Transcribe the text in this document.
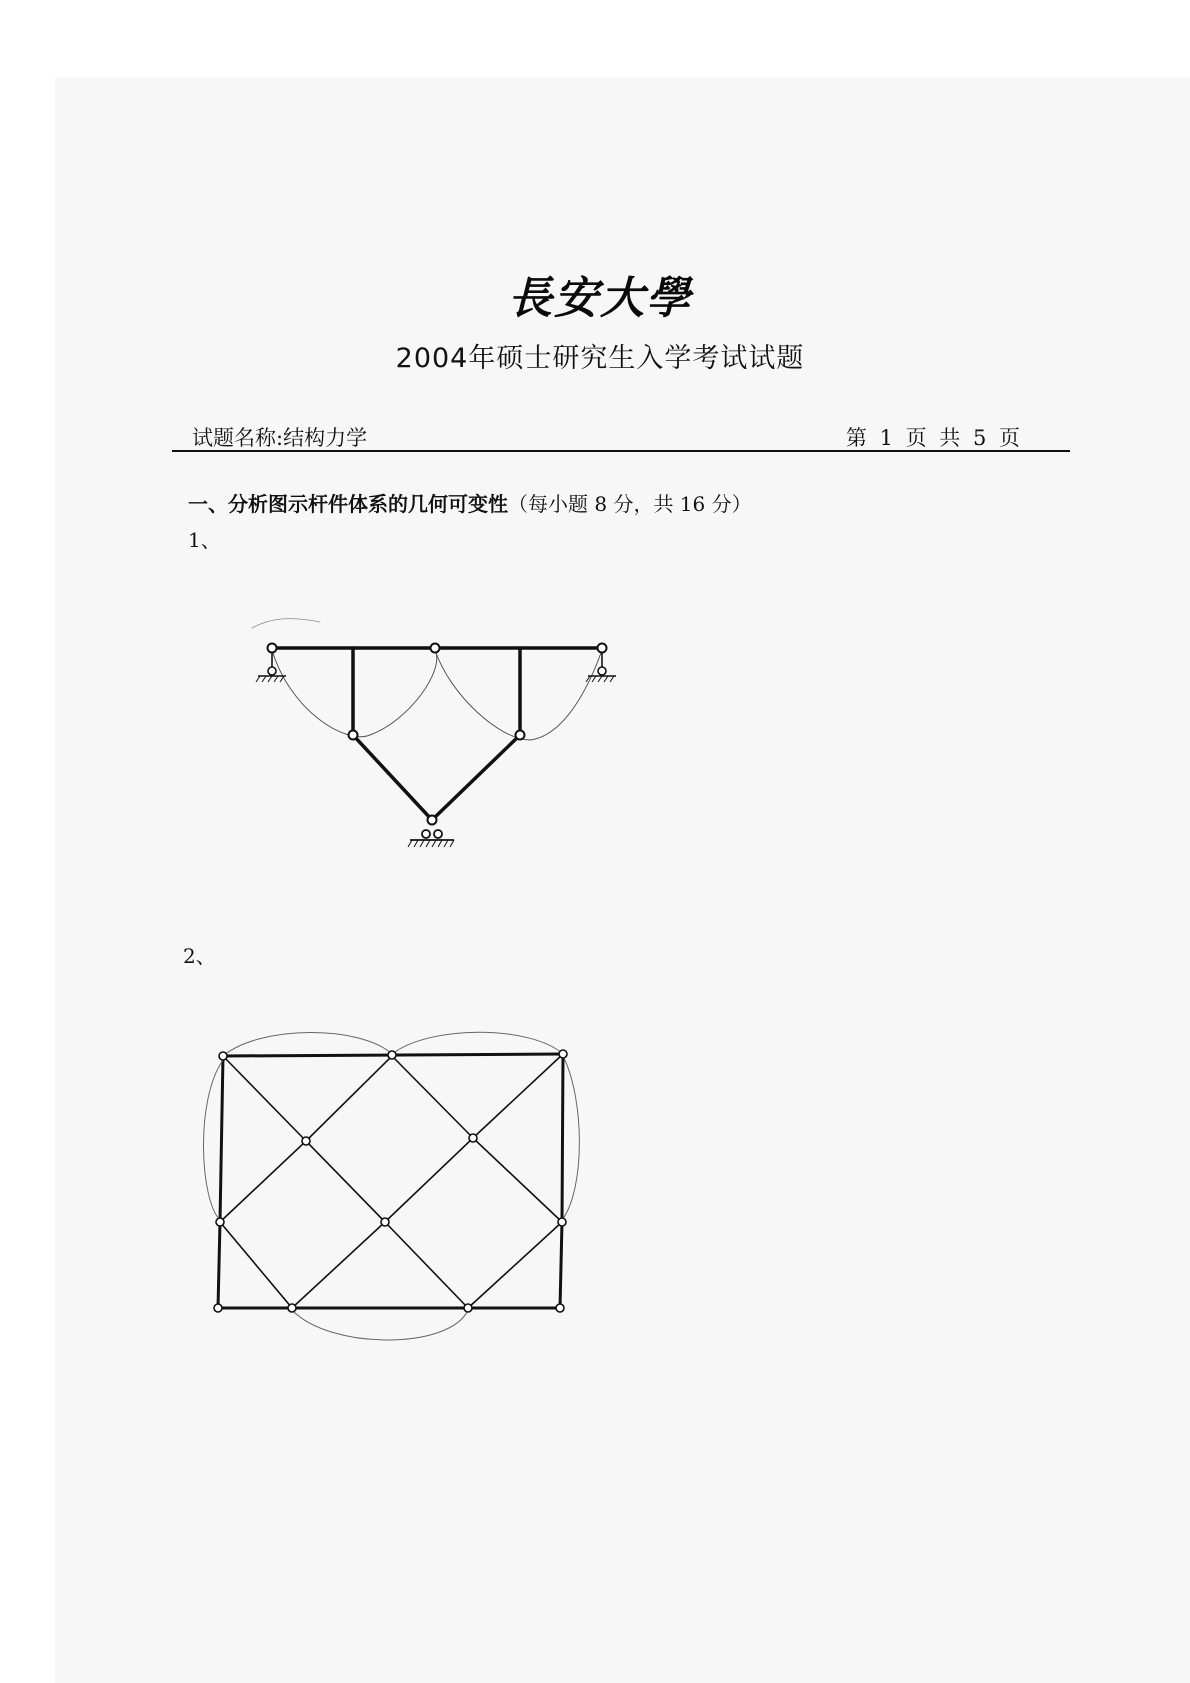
長安大學
2004年硕士研究生入学考试试题
试题名称:结构力学	第 1 页 共 5 页
一、分析图示杆件体系的几何可变性（每小题 8 分，共 16 分）
1、
2、
